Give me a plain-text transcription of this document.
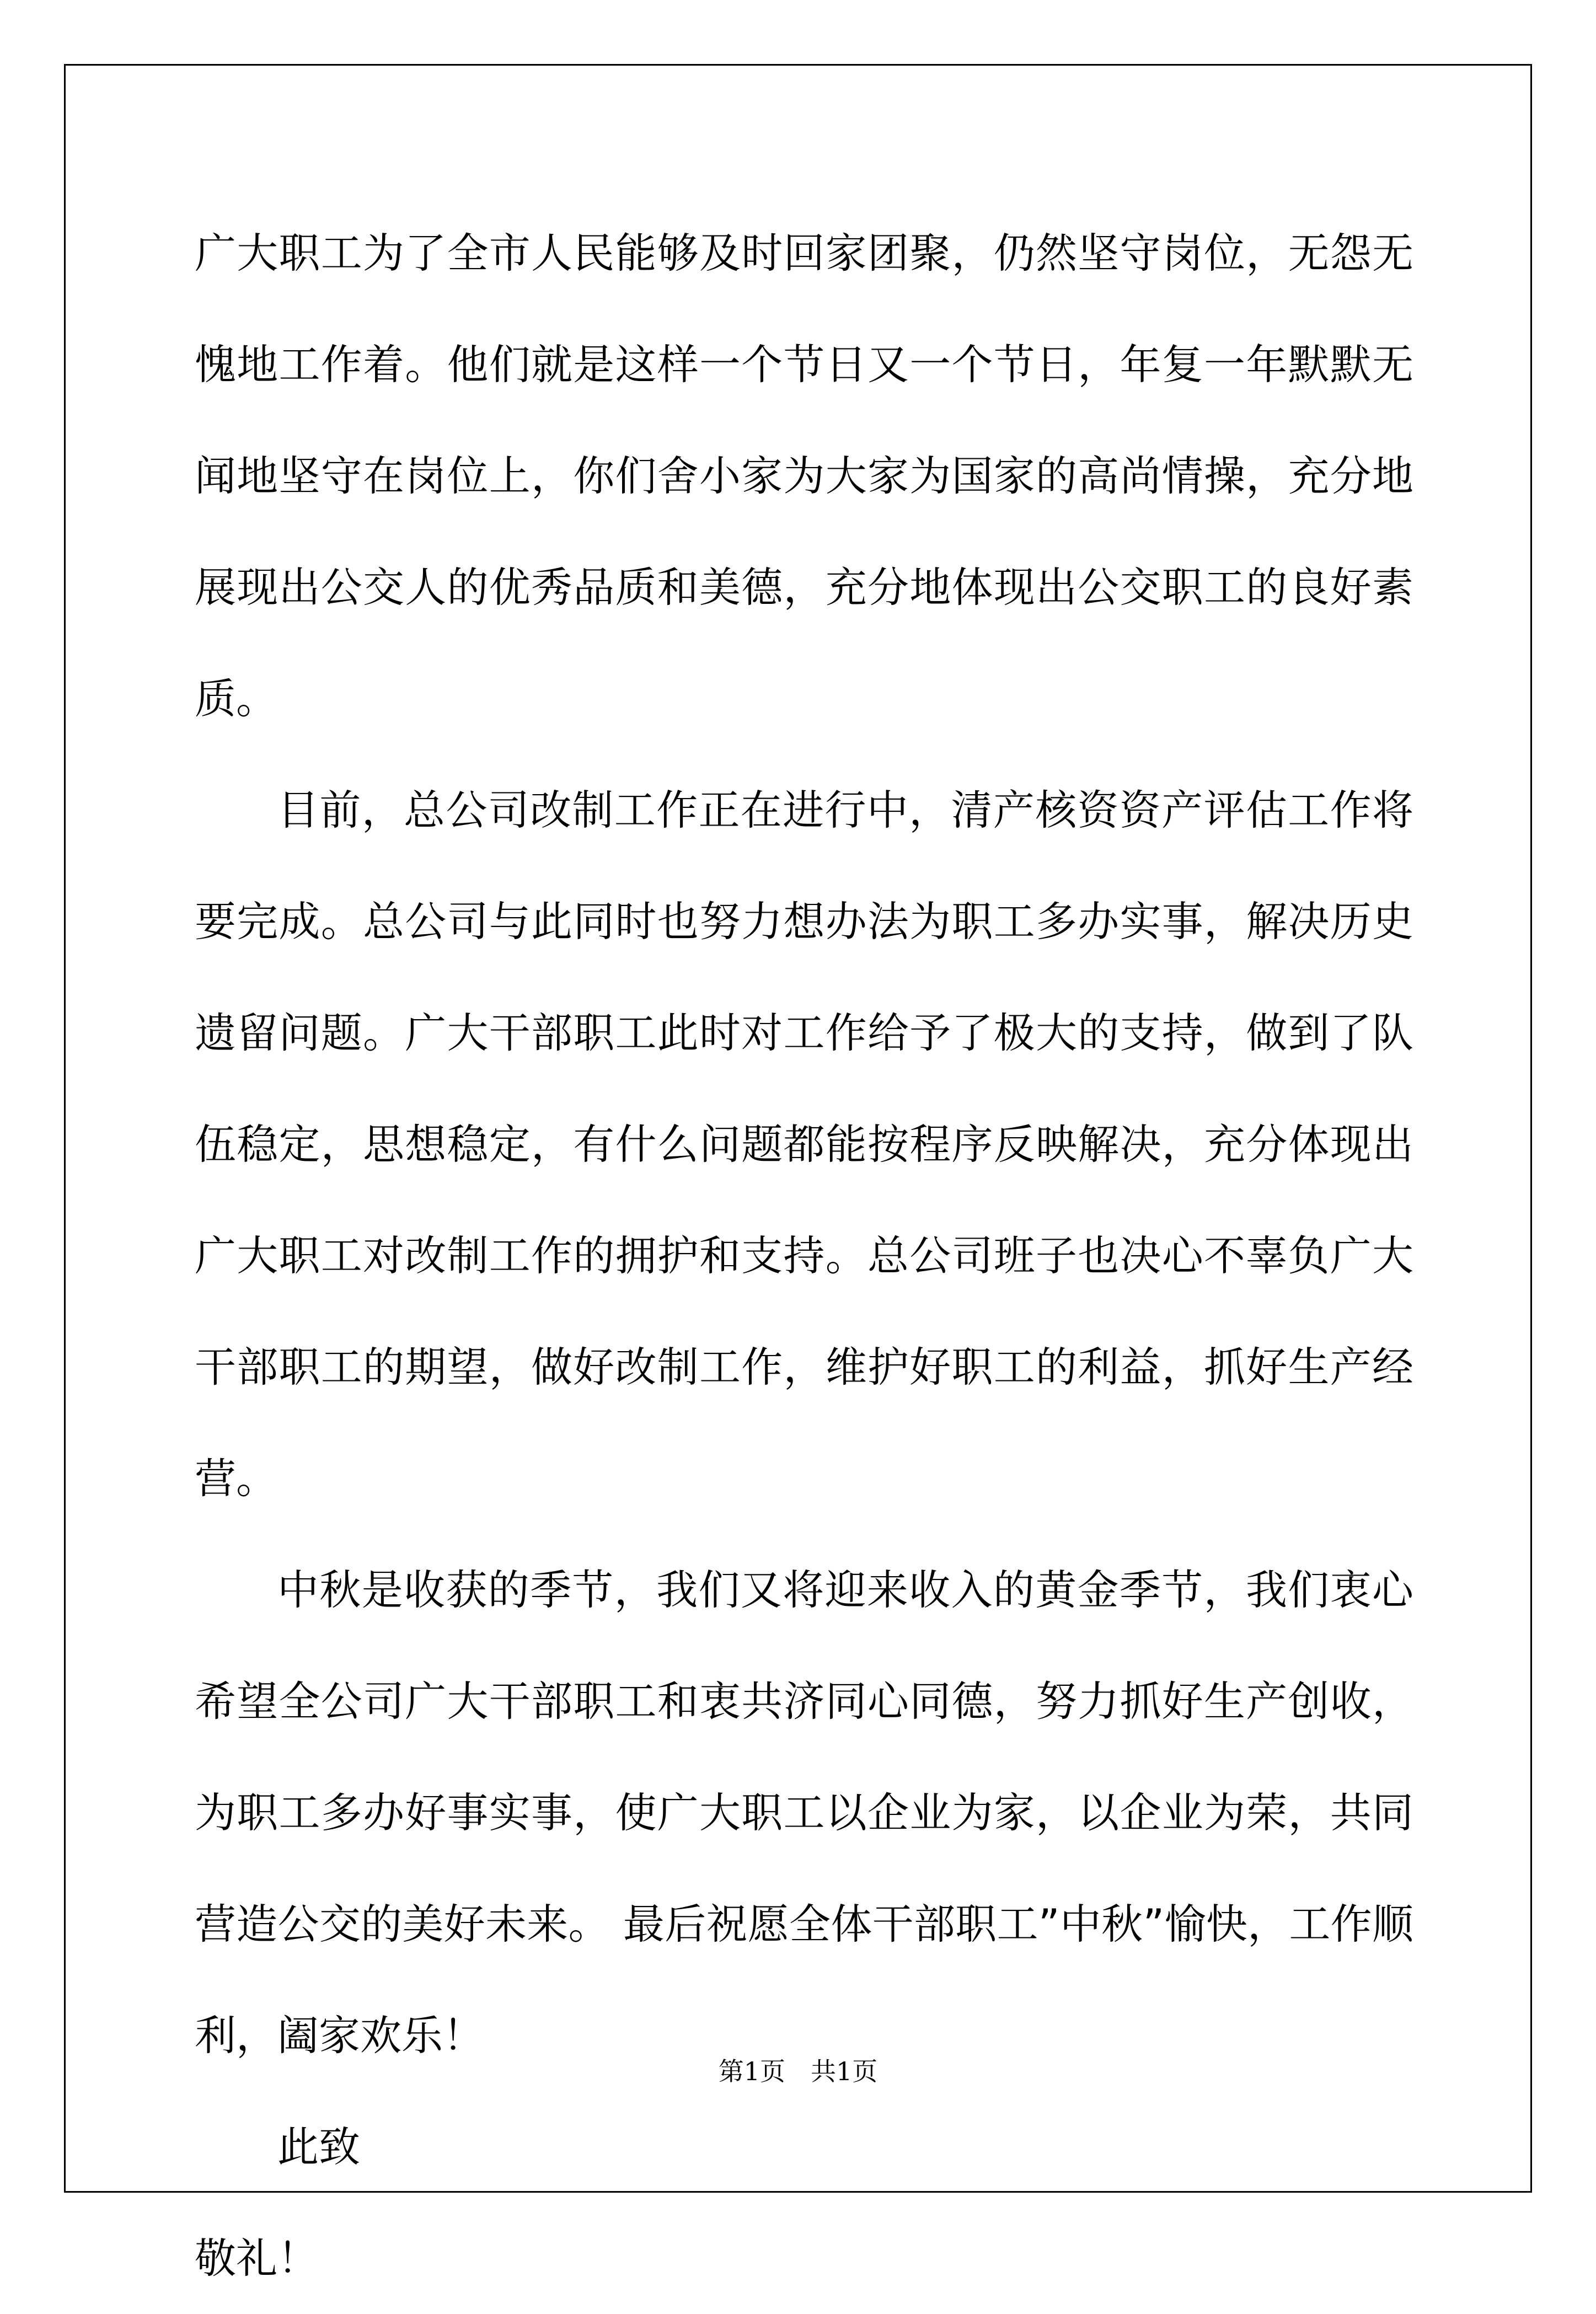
广大职工为了全市人民能够及时回家团聚，仍然坚守岗位，无怨无愧地工作着。他们就是这样一个节日又一个节日，年复一年默默无闻地坚守在岗位上，你们舍小家为大家为国家的高尚情操，充分地展现出公交人的优秀品质和美德，充分地体现出公交职工的良好素质。

目前，总公司改制工作正在进行中，清产核资资产评估工作将要完成。总公司与此同时也努力想办法为职工多办实事，解决历史遗留问题。广大干部职工此时对工作给予了极大的支持，做到了队伍稳定，思想稳定，有什么问题都能按程序反映解决，充分体现出广大职工对改制工作的拥护和支持。总公司班子也决心不辜负广大干部职工的期望，做好改制工作，维护好职工的利益，抓好生产经营。

中秋是收获的季节，我们又将迎来收入的黄金季节，我们衷心希望全公司广大干部职工和衷共济同心同德，努力抓好生产创收，为职工多办好事实事，使广大职工以企业为家，以企业为荣，共同营造公交的美好未来。 最后祝愿全体干部职工”中秋”愉快，工作顺利，阖家欢乐！

此致

敬礼！

第1页　共1页
